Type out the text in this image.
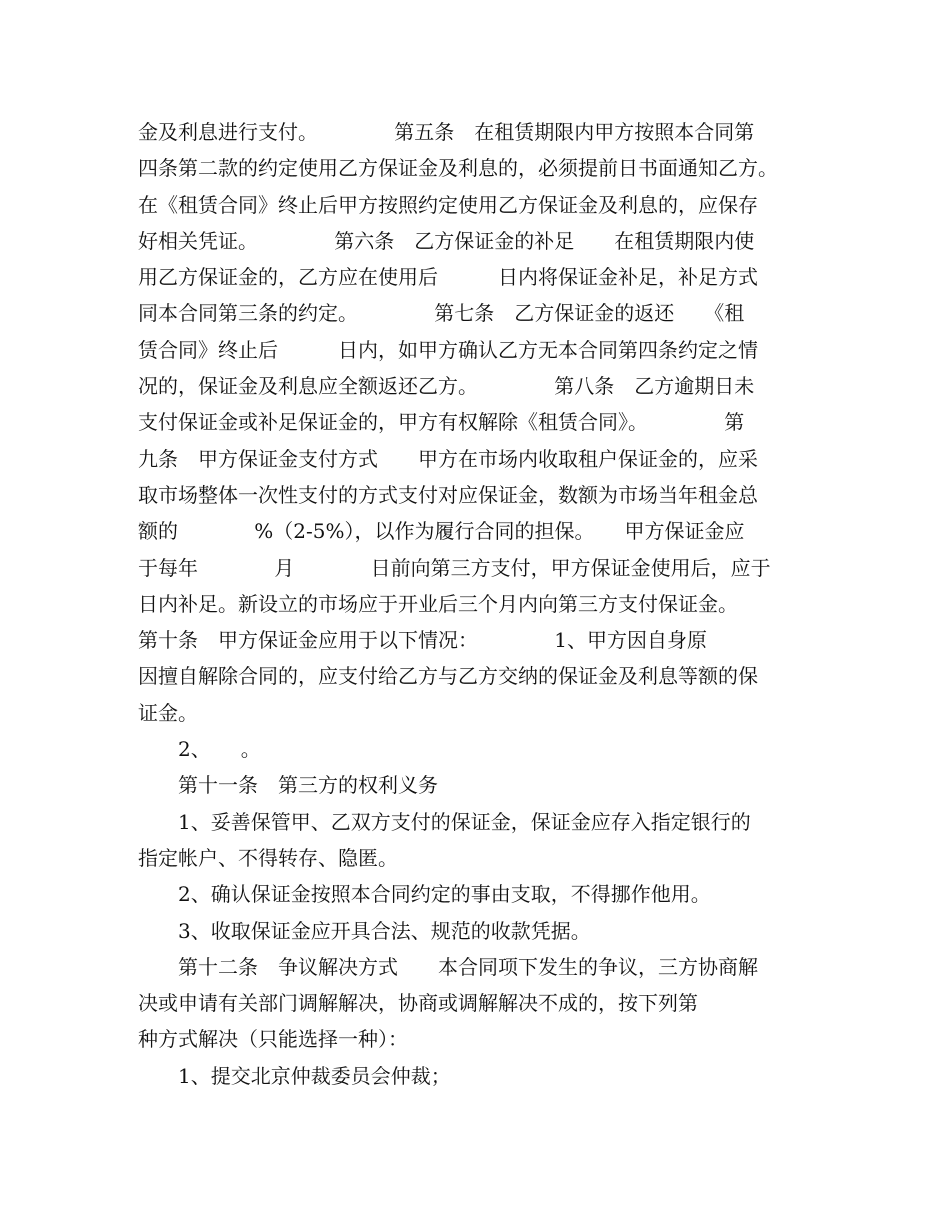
金及利息进行支付。            第五条　在租赁期限内甲方按照本合同第
四条第二款的约定使用乙方保证金及利息的，必须提前日书面通知乙方。
在《租赁合同》终止后甲方按照约定使用乙方保证金及利息的，应保存
好相关凭证。            第六条　乙方保证金的补足　　在租赁期限内使
用乙方保证金的，乙方应在使用后　　　日内将保证金补足，补足方式
同本合同第三条的约定。            第七条　乙方保证金的返还　　《租
赁合同》终止后　　　日内，如甲方确认乙方无本合同第四条约定之情
况的，保证金及利息应全额返还乙方。            第八条　乙方逾期日未
支付保证金或补足保证金的，甲方有权解除《租赁合同》。            第
九条　甲方保证金支付方式　　甲方在市场内收取租户保证金的，应采
取市场整体一次性支付的方式支付对应保证金，数额为市场当年租金总
额的            %（2-5%），以作为履行合同的担保。　　甲方保证金应
于每年            月            日前向第三方支付，甲方保证金使用后，应于
日内补足。新设立的市场应于开业后三个月内向第三方支付保证金。
第十条　甲方保证金应用于以下情况：            1、甲方因自身原
因擅自解除合同的，应支付给乙方与乙方交纳的保证金及利息等额的保
证金。
　　2、　　。
　　第十一条　第三方的权利义务
　　1、妥善保管甲、乙双方支付的保证金，保证金应存入指定银行的
指定帐户、不得转存、隐匿。
　　2、确认保证金按照本合同约定的事由支取，不得挪作他用。
　　3、收取保证金应开具合法、规范的收款凭据。
　　第十二条　争议解决方式　　本合同项下发生的争议，三方协商解
决或申请有关部门调解解决，协商或调解解决不成的，按下列第
种方式解决（只能选择一种）：
　　1、提交北京仲裁委员会仲裁；
